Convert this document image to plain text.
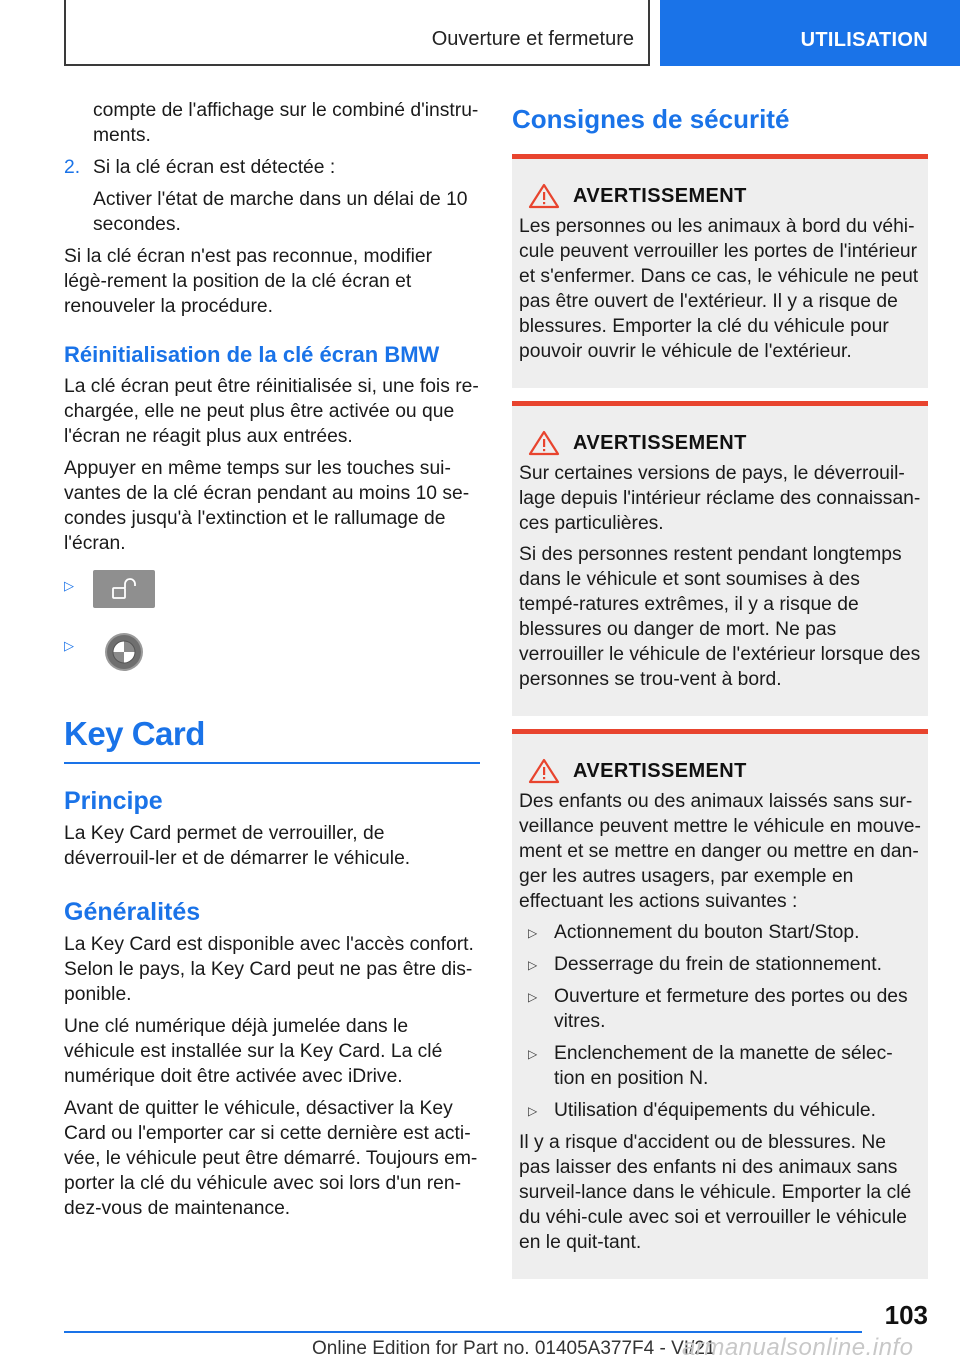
Ouverture et fermeture	UTILISATION

compte de l'affichage sur le combiné d'instru-ments.

2. Si la clé écran est détectée :

Activer l'état de marche dans un délai de 10 secondes.

Si la clé écran n'est pas reconnue, modifier légè-rement la position de la clé écran et renouveler la procédure.

Réinitialisation de la clé écran BMW

La clé écran peut être réinitialisée si, une fois re-chargée, elle ne peut plus être activée ou que l'écran ne réagit plus aux entrées.

Appuyer en même temps sur les touches sui-vantes de la clé écran pendant au moins 10 se-condes jusqu'à l'extinction et le rallumage de l'écran.

▷
▷
Key Card
Principe

La Key Card permet de verrouiller, de déverrouil-ler et de démarrer le véhicule.

Généralités

La Key Card est disponible avec l'accès confort. Selon le pays, la Key Card peut ne pas être dis-ponible.

Une clé numérique déjà jumelée dans le véhicule est installée sur la Key Card. La clé numérique doit être activée avec iDrive.

Avant de quitter le véhicule, désactiver la Key Card ou l'emporter car si cette dernière est acti-vée, le véhicule peut être démarré. Toujours em-porter la clé du véhicule avec soi lors d'un ren-dez-vous de maintenance.

Consignes de sécurité
AVERTISSEMENT

Les personnes ou les animaux à bord du véhi-cule peuvent verrouiller les portes de l'intérieur et s'enfermer. Dans ce cas, le véhicule ne peut pas être ouvert de l'extérieur. Il y a risque de blessures. Emporter la clé du véhicule pour pouvoir ouvrir le véhicule de l'extérieur.

AVERTISSEMENT

Sur certaines versions de pays, le déverrouil-lage depuis l'intérieur réclame des connaissan-ces particulières.

Si des personnes restent pendant longtemps dans le véhicule et sont soumises à des tempé-ratures extrêmes, il y a risque de blessures ou danger de mort. Ne pas verrouiller le véhicule de l'extérieur lorsque des personnes se trou-vent à bord.

AVERTISSEMENT

Des enfants ou des animaux laissés sans sur-veillance peuvent mettre le véhicule en mouve-ment et se mettre en danger ou mettre en dan-ger les autres usagers, par exemple en effectuant les actions suivantes :

▷ Actionnement du bouton Start/Stop.
▷ Desserrage du frein de stationnement.
▷ Ouverture et fermeture des portes ou des vitres.
▷ Enclenchement de la manette de sélec-tion en position N.
▷ Utilisation d'équipements du véhicule.

Il y a risque d'accident ou de blessures. Ne pas laisser des enfants ni des animaux sans surveil-lance dans le véhicule. Emporter la clé du véhi-cule avec soi et verrouiller le véhicule en le quit-tant.

103
Online Edition for Part no. 01405A377F4 - VI/21
armanualsonline.info
